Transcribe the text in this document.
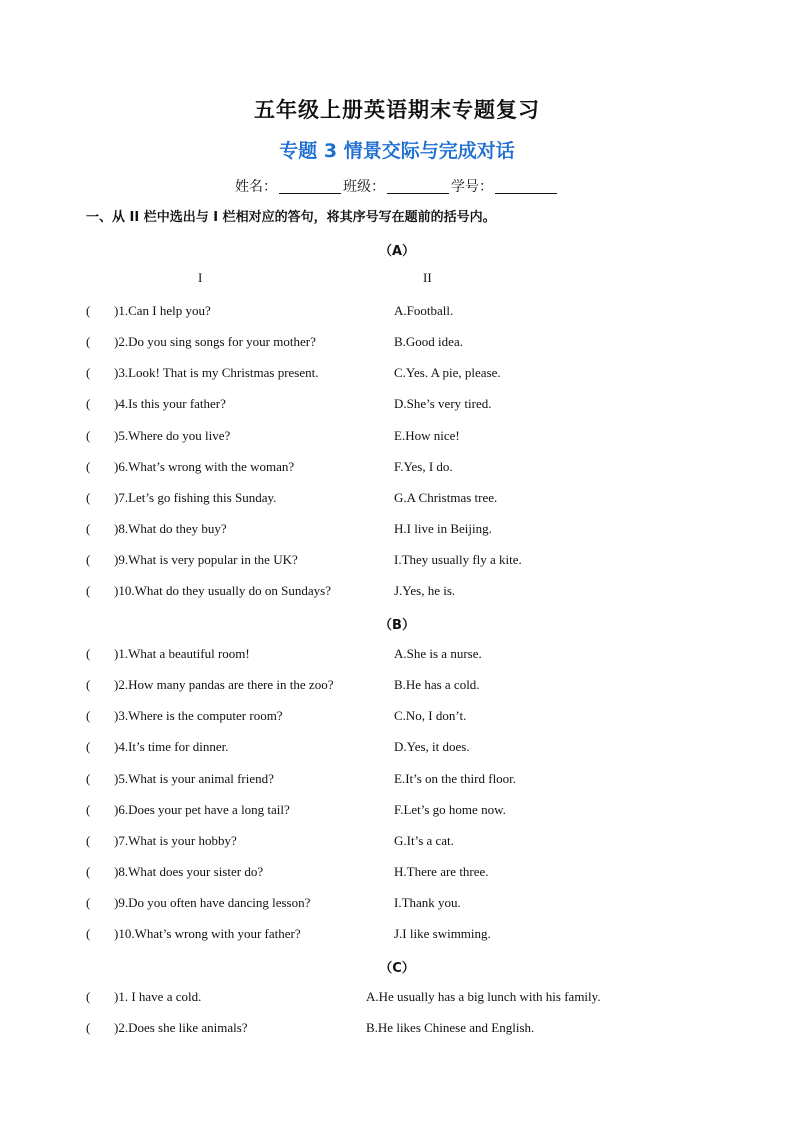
五年级上册英语期末专题复习
专题 3 情景交际与完成对话
姓名：	班级：	学号：
一、从 II 栏中选出与 I 栏相对应的答句，将其序号写在题前的括号内。
I	II
（A）
( )1.Can I help you?	A.Football.
( )2.Do you sing songs for your mother?	B.Good idea.
( )3.Look! That is my Christmas present.	C.Yes. A pie, please.
( )4.Is this your father?	D.She’s very tired.
( )5.Where do you live?	E.How nice!
( )6.What’s wrong with the woman?	F.Yes, I do.
( )7.Let’s go fishing this Sunday.	G.A Christmas tree.
( )8.What do they buy?	H.I live in Beijing.
( )9.What is very popular in the UK?	I.They usually fly a kite.
( )10.What do they usually do on Sundays?	J.Yes, he is.
（B）
( )1.What a beautiful room!	A.She is a nurse.
( )2.How many pandas are there in the zoo?	B.He has a cold.
( )3.Where is the computer room?	C.No, I don’t.
( )4.It’s time for dinner.	D.Yes, it does.
( )5.What is your animal friend?	E.It’s on the third floor.
( )6.Does your pet have a long tail?	F.Let’s go home now.
( )7.What is your hobby?	G.It’s a cat.
( )8.What does your sister do?	H.There are three.
( )9.Do you often have dancing lesson?	I.Thank you.
( )10.What’s wrong with your father?	J.I like swimming.
（C）
( )1. I have a cold.	A.He usually has a big lunch with his family.
( )2.Does she like animals?	B.He likes Chinese and English.
